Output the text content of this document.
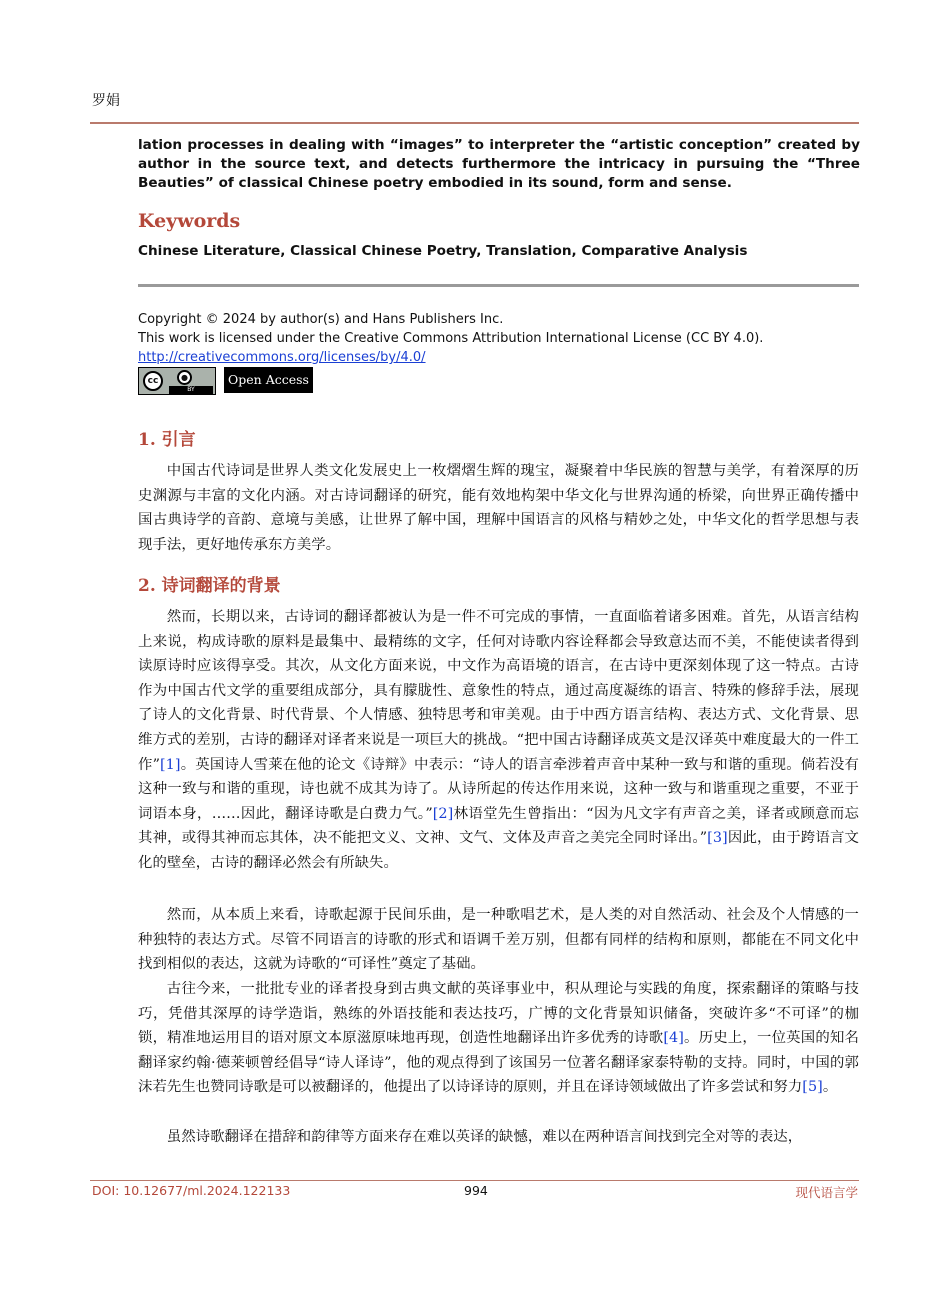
罗娟
lation processes in dealing with “images” to interpreter the “artistic conception” created by author in the source text, and detects furthermore the intricacy in pursuing the “Three Beauties” of classical Chinese poetry embodied in its sound, form and sense.
Keywords
Chinese Literature, Classical Chinese Poetry, Translation, Comparative Analysis
Copyright © 2024 by author(s) and Hans Publishers Inc.
This work is licensed under the Creative Commons Attribution International License (CC BY 4.0).
http://creativecommons.org/licenses/by/4.0/
cc	●
BY
Open Access
1. 引言

中国古代诗词是世界人类文化发展史上一枚熠熠生辉的瑰宝，凝聚着中华民族的智慧与美学，有着深厚的历史渊源与丰富的文化内涵。对古诗词翻译的研究，能有效地构架中华文化与世界沟通的桥梁，向世界正确传播中国古典诗学的音韵、意境与美感，让世界了解中国，理解中国语言的风格与精妙之处，中华文化的哲学思想与表现手法，更好地传承东方美学。

2. 诗词翻译的背景

然而，长期以来，古诗词的翻译都被认为是一件不可完成的事情，一直面临着诸多困难。首先，从语言结构上来说，构成诗歌的原料是最集中、最精练的文字，任何对诗歌内容诠释都会导致意达而不美，不能使读者得到读原诗时应该得享受。其次，从文化方面来说，中文作为高语境的语言，在古诗中更深刻体现了这一特点。古诗作为中国古代文学的重要组成部分，具有朦胧性、意象性的特点，通过高度凝练的语言、特殊的修辞手法，展现了诗人的文化背景、时代背景、个人情感、独特思考和审美观。由于中西方语言结构、表达方式、文化背景、思维方式的差别，古诗的翻译对译者来说是一项巨大的挑战。“把中国古诗翻译成英文是汉译英中难度最大的一件工作”[1]。英国诗人雪莱在他的论文《诗辩》中表示：“诗人的语言牵涉着声音中某种一致与和谐的重现。倘若没有这种一致与和谐的重现，诗也就不成其为诗了。从诗所起的传达作用来说，这种一致与和谐重现之重要，不亚于词语本身，……因此，翻译诗歌是白费力气。”[2]林语堂先生曾指出：“因为凡文字有声音之美，译者或顾意而忘其神，或得其神而忘其体，决不能把文义、文神、文气、文体及声音之美完全同时译出。”[3]因此，由于跨语言文化的壁垒，古诗的翻译必然会有所缺失。

然而，从本质上来看，诗歌起源于民间乐曲，是一种歌唱艺术，是人类的对自然活动、社会及个人情感的一种独特的表达方式。尽管不同语言的诗歌的形式和语调千差万别，但都有同样的结构和原则，都能在不同文化中找到相似的表达，这就为诗歌的“可译性”奠定了基础。

古往今来，一批批专业的译者投身到古典文献的英译事业中，积从理论与实践的角度，探索翻译的策略与技巧，凭借其深厚的诗学造诣，熟练的外语技能和表达技巧，广博的文化背景知识储备，突破许多“不可译”的枷锁，精准地运用目的语对原文本原滋原味地再现，创造性地翻译出许多优秀的诗歌[4]。历史上，一位英国的知名翻译家约翰·德莱顿曾经倡导“诗人译诗”，他的观点得到了该国另一位著名翻译家泰特勒的支持。同时，中国的郭沫若先生也赞同诗歌是可以被翻译的，他提出了以诗译诗的原则，并且在译诗领域做出了许多尝试和努力[5]。

虽然诗歌翻译在措辞和韵律等方面来存在难以英译的缺憾，难以在两种语言间找到完全对等的表达，

DOI: 10.12677/ml.2024.122133	994	现代语言学
